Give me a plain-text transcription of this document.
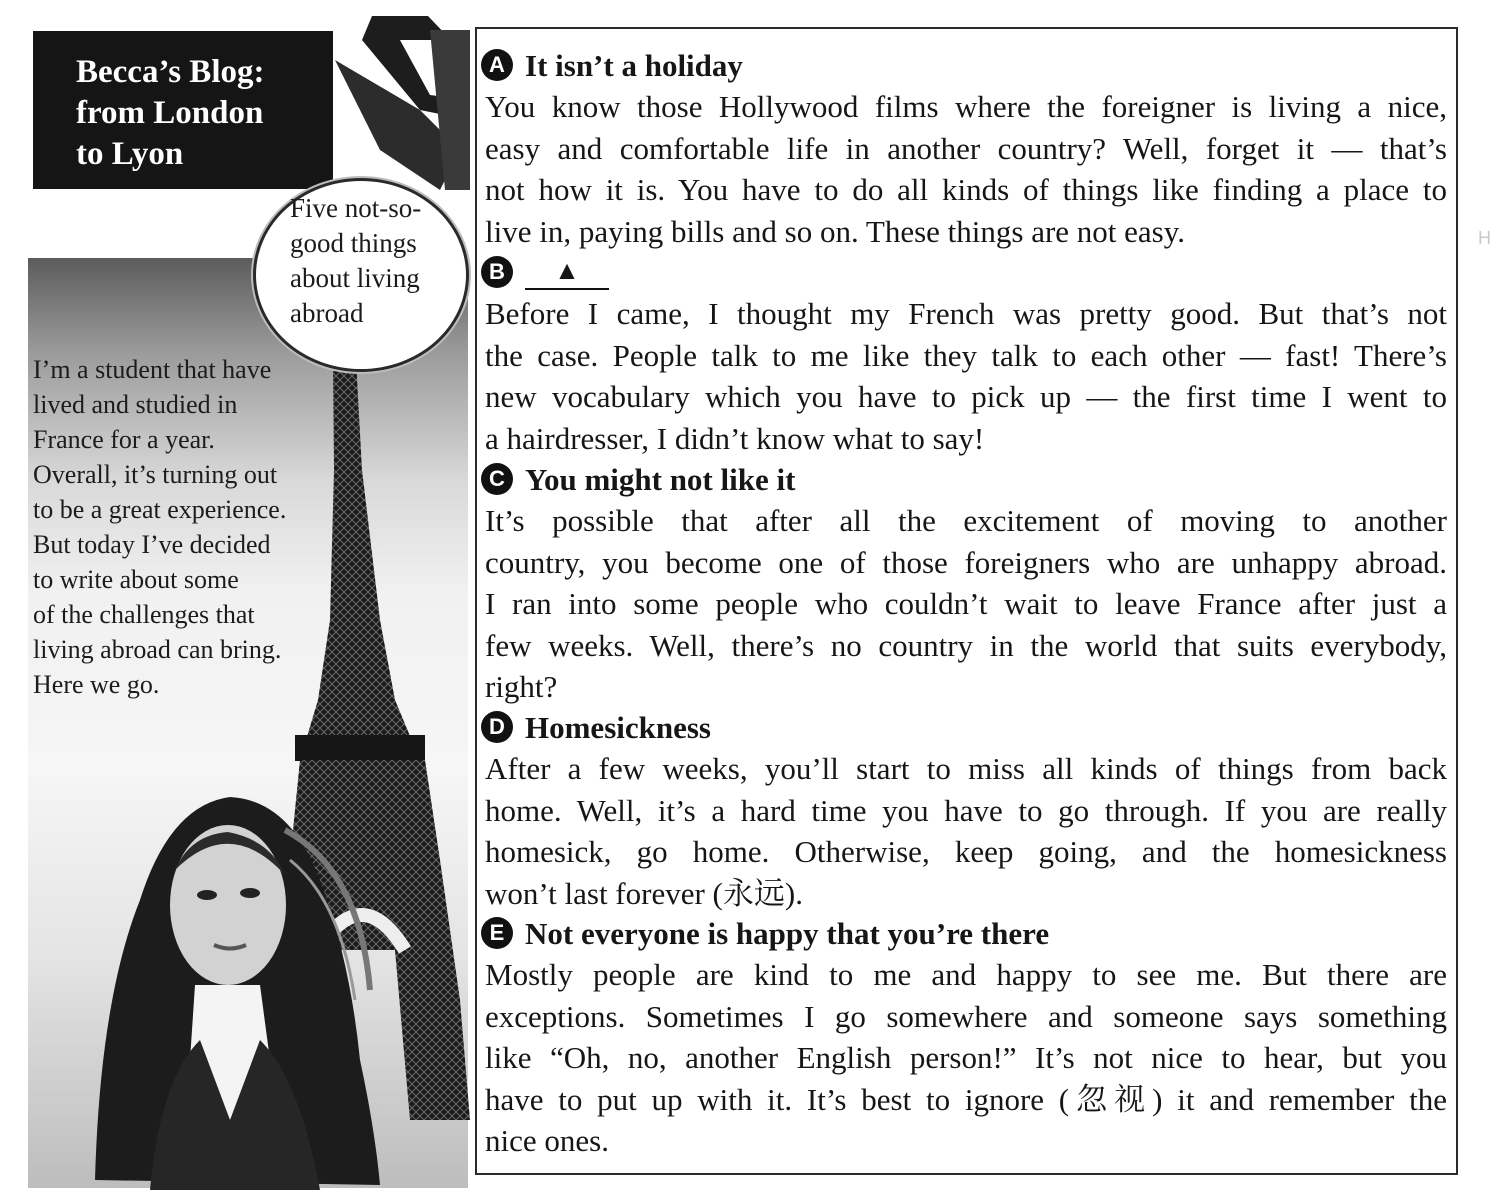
Becca’s Blog:
from London
to Lyon

Five not-so-
good things
about living
abroad

I’m a student that have
lived and studied in
France for a year.
Overall, it’s turning out
to be a great experience.
But today I’ve decided
to write about some
of the challenges that
living abroad can bring.
Here we go.

A It isn’t a holiday

You know those Hollywood films where the foreigner is living a nice,
easy and comfortable life in another country? Well, forget it — that’s
not how it is. You have to do all kinds of things like finding a place to
live in, paying bills and so on. These things are not easy.

B ▲

Before I came, I thought my French was pretty good. But that’s not
the case. People talk to me like they talk to each other — fast! There’s
new vocabulary which you have to pick up — the first time I went to
a hairdresser, I didn’t know what to say!

C You might not like it

It’s possible that after all the excitement of moving to another
country, you become one of those foreigners who are unhappy abroad.
I ran into some people who couldn’t wait to leave France after just a
few weeks. Well, there’s no country in the world that suits everybody,
right?

D Homesickness

After a few weeks, you’ll start to miss all kinds of things from back
home. Well, it’s a hard time you have to go through. If you are really
homesick, go home. Otherwise, keep going, and the homesickness
won’t last forever (永远).

E Not everyone is happy that you’re there

Mostly people are kind to me and happy to see me. But there are
exceptions. Sometimes I go somewhere and someone says something
like “Oh, no, another English person!” It’s not nice to hear, but you
have to put up with it. It’s best to ignore (忽视) it and remember the
nice ones.

H
